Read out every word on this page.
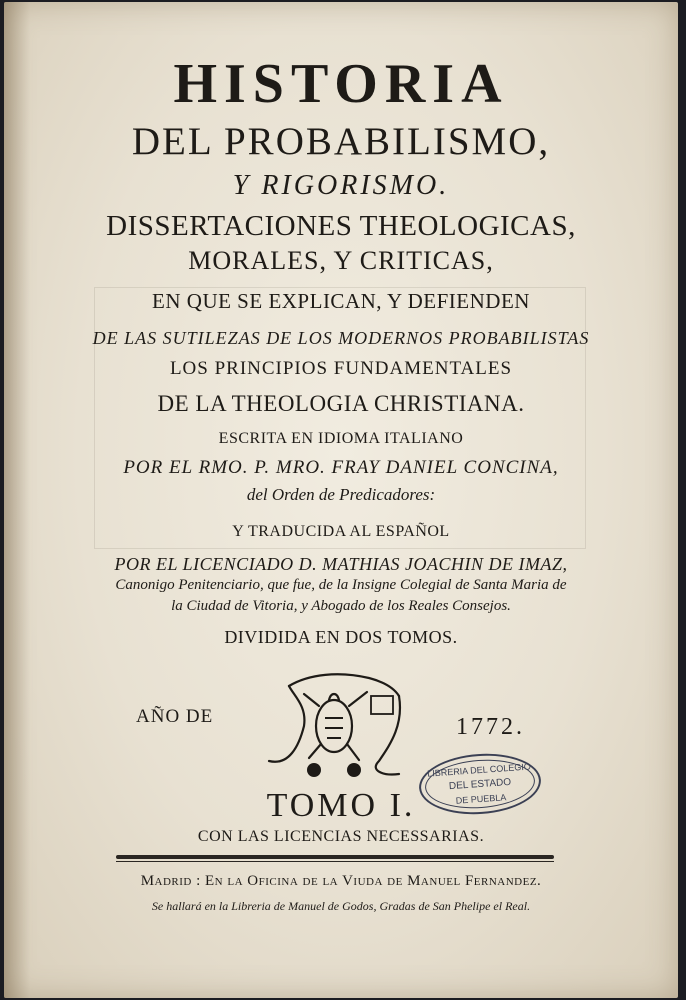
HISTORIA
DEL PROBABILISMO,
Y RIGORISMO.
DISSERTACIONES THEOLOGICAS,
MORALES, Y CRITICAS,
EN QUE SE EXPLICAN, Y DEFIENDEN
DE LAS SUTILEZAS DE LOS MODERNOS PROBABILISTAS
LOS PRINCIPIOS FUNDAMENTALES
DE LA THEOLOGIA CHRISTIANA.
ESCRITA EN IDIOMA ITALIANO
POR EL RMO. P. MRO. FRAY DANIEL CONCINA,
del Orden de Predicadores:
Y TRADUCIDA AL ESPAÑOL
POR EL LICENCIADO D. MATHIAS JOACHIN DE IMAZ,
Canonigo Penitenciario, que fue, de la Insigne Colegial de Santa Maria de
la Ciudad de Vitoria, y Abogado de los Reales Consejos.
DIVIDIDA EN DOS TOMOS.
AÑO DE	1772.
LIBRERIA DEL COLEGIO
DEL ESTADO
DE PUEBLA
TOMO I.
CON LAS LICENCIAS NECESSARIAS.
Madrid : En la Oficina de la Viuda de Manuel Fernandez.
Se hallará en la Libreria de Manuel de Godos, Gradas de San Phelipe el Real.
